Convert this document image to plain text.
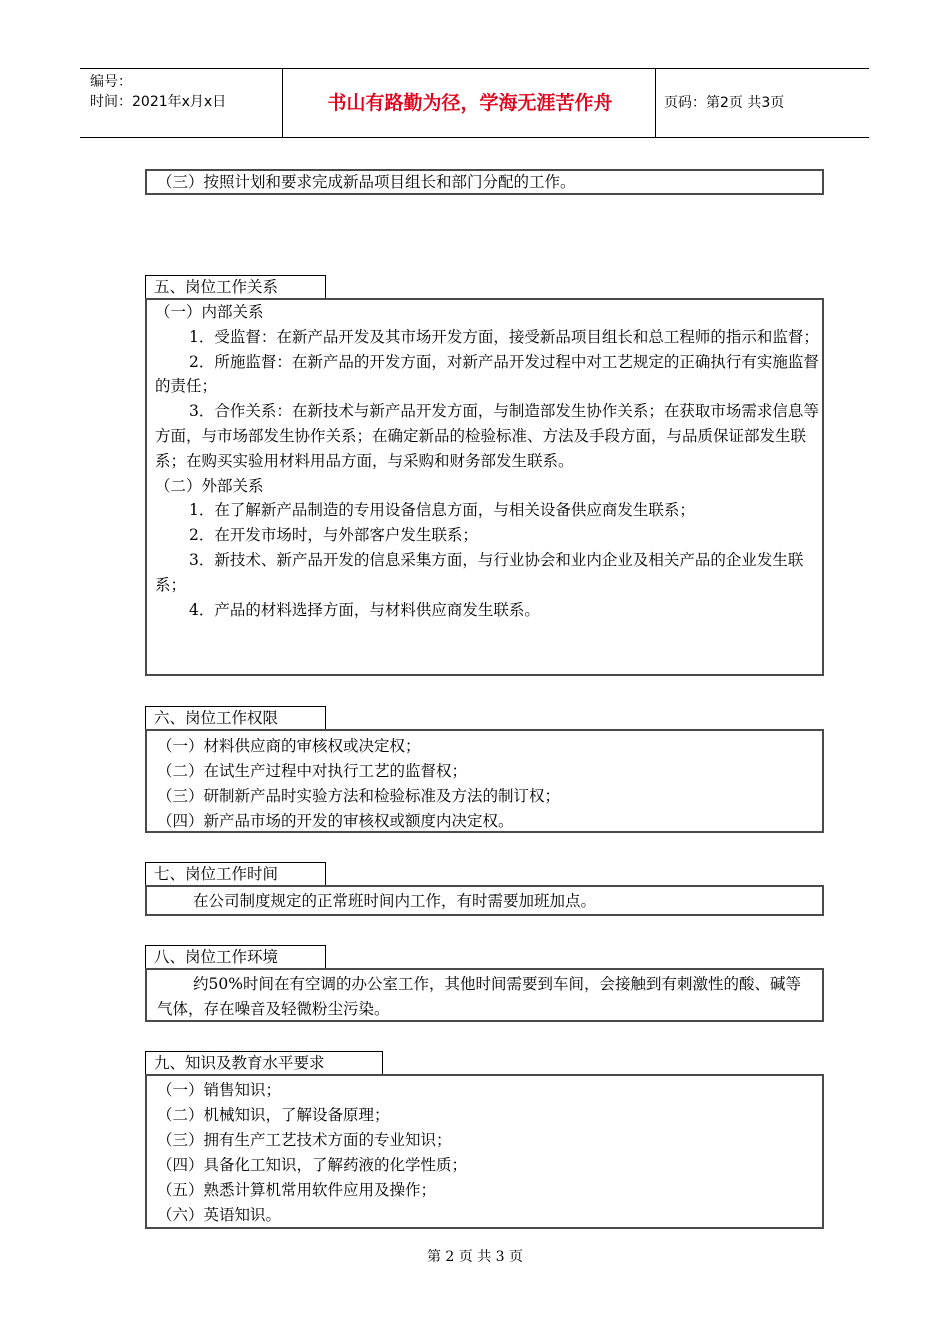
编号：
时间：2021年x月x日	书山有路勤为径，学海无涯苦作舟	页码：第2页 共3页
（三）按照计划和要求完成新品项目组长和部门分配的工作。
五、岗位工作关系
（一）内部关系
1．受监督：在新产品开发及其市场开发方面，接受新品项目组长和总工程师的指示和监督；
2．所施监督：在新产品的开发方面，对新产品开发过程中对工艺规定的正确执行有实施监督的责任；
3．合作关系：在新技术与新产品开发方面，与制造部发生协作关系；在获取市场需求信息等方面，与市场部发生协作关系；在确定新品的检验标准、方法及手段方面，与品质保证部发生联系；在购买实验用材料用品方面，与采购和财务部发生联系。
（二）外部关系
1．在了解新产品制造的专用设备信息方面，与相关设备供应商发生联系；
2．在开发市场时，与外部客户发生联系；
3．新技术、新产品开发的信息采集方面，与行业协会和业内企业及相关产品的企业发生联系；
4．产品的材料选择方面，与材料供应商发生联系。
六、岗位工作权限
（一）材料供应商的审核权或决定权；
（二）在试生产过程中对执行工艺的监督权；
（三）研制新产品时实验方法和检验标准及方法的制订权；
（四）新产品市场的开发的审核权或额度内决定权。
七、岗位工作时间
在公司制度规定的正常班时间内工作，有时需要加班加点。
八、岗位工作环境
约50%时间在有空调的办公室工作，其他时间需要到车间，会接触到有刺激性的酸、碱等气体，存在噪音及轻微粉尘污染。
九、知识及教育水平要求
（一）销售知识；
（二）机械知识，了解设备原理；
（三）拥有生产工艺技术方面的专业知识；
（四）具备化工知识，了解药液的化学性质；
（五）熟悉计算机常用软件应用及操作；
（六）英语知识。
第 2 页 共 3 页
